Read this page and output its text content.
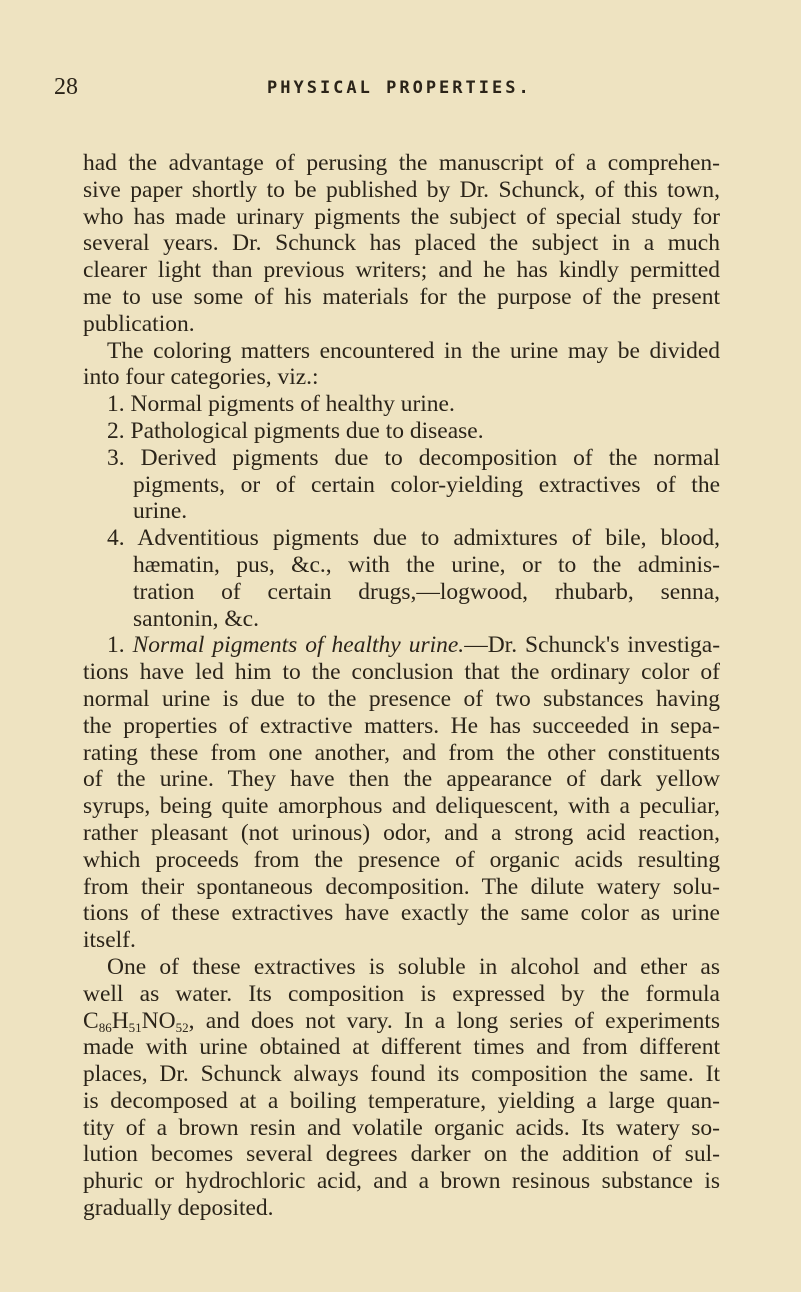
28	PHYSICAL PROPERTIES.
had the advantage of perusing the manuscript of a comprehen-
sive paper shortly to be published by Dr. Schunck, of this town,
who has made urinary pigments the subject of special study for
several years. Dr. Schunck has placed the subject in a much
clearer light than previous writers; and he has kindly permitted
me to use some of his materials for the purpose of the present
publication.
The coloring matters encountered in the urine may be divided
into four categories, viz.:
1. Normal pigments of healthy urine.
2. Pathological pigments due to disease.
3. Derived pigments due to decomposition of the normal
pigments, or of certain color-yielding extractives of the
urine.
4. Adventitious pigments due to admixtures of bile, blood,
hæmatin, pus, &c., with the urine, or to the adminis-
tration of certain drugs,—logwood, rhubarb, senna,
santonin, &c.
1. Normal pigments of healthy urine.—Dr. Schunck's investiga-
tions have led him to the conclusion that the ordinary color of
normal urine is due to the presence of two substances having
the properties of extractive matters. He has succeeded in sepa-
rating these from one another, and from the other constituents
of the urine. They have then the appearance of dark yellow
syrups, being quite amorphous and deliquescent, with a peculiar,
rather pleasant (not urinous) odor, and a strong acid reaction,
which proceeds from the presence of organic acids resulting
from their spontaneous decomposition. The dilute watery solu-
tions of these extractives have exactly the same color as urine
itself.
One of these extractives is soluble in alcohol and ether as
well as water. Its composition is expressed by the formula
$C_{86}H_{51}NO_{52}$, and does not vary. In a long series of experiments
made with urine obtained at different times and from different
places, Dr. Schunck always found its composition the same. It
is decomposed at a boiling temperature, yielding a large quan-
tity of a brown resin and volatile organic acids. Its watery so-
lution becomes several degrees darker on the addition of sul-
phuric or hydrochloric acid, and a brown resinous substance is
gradually deposited.
